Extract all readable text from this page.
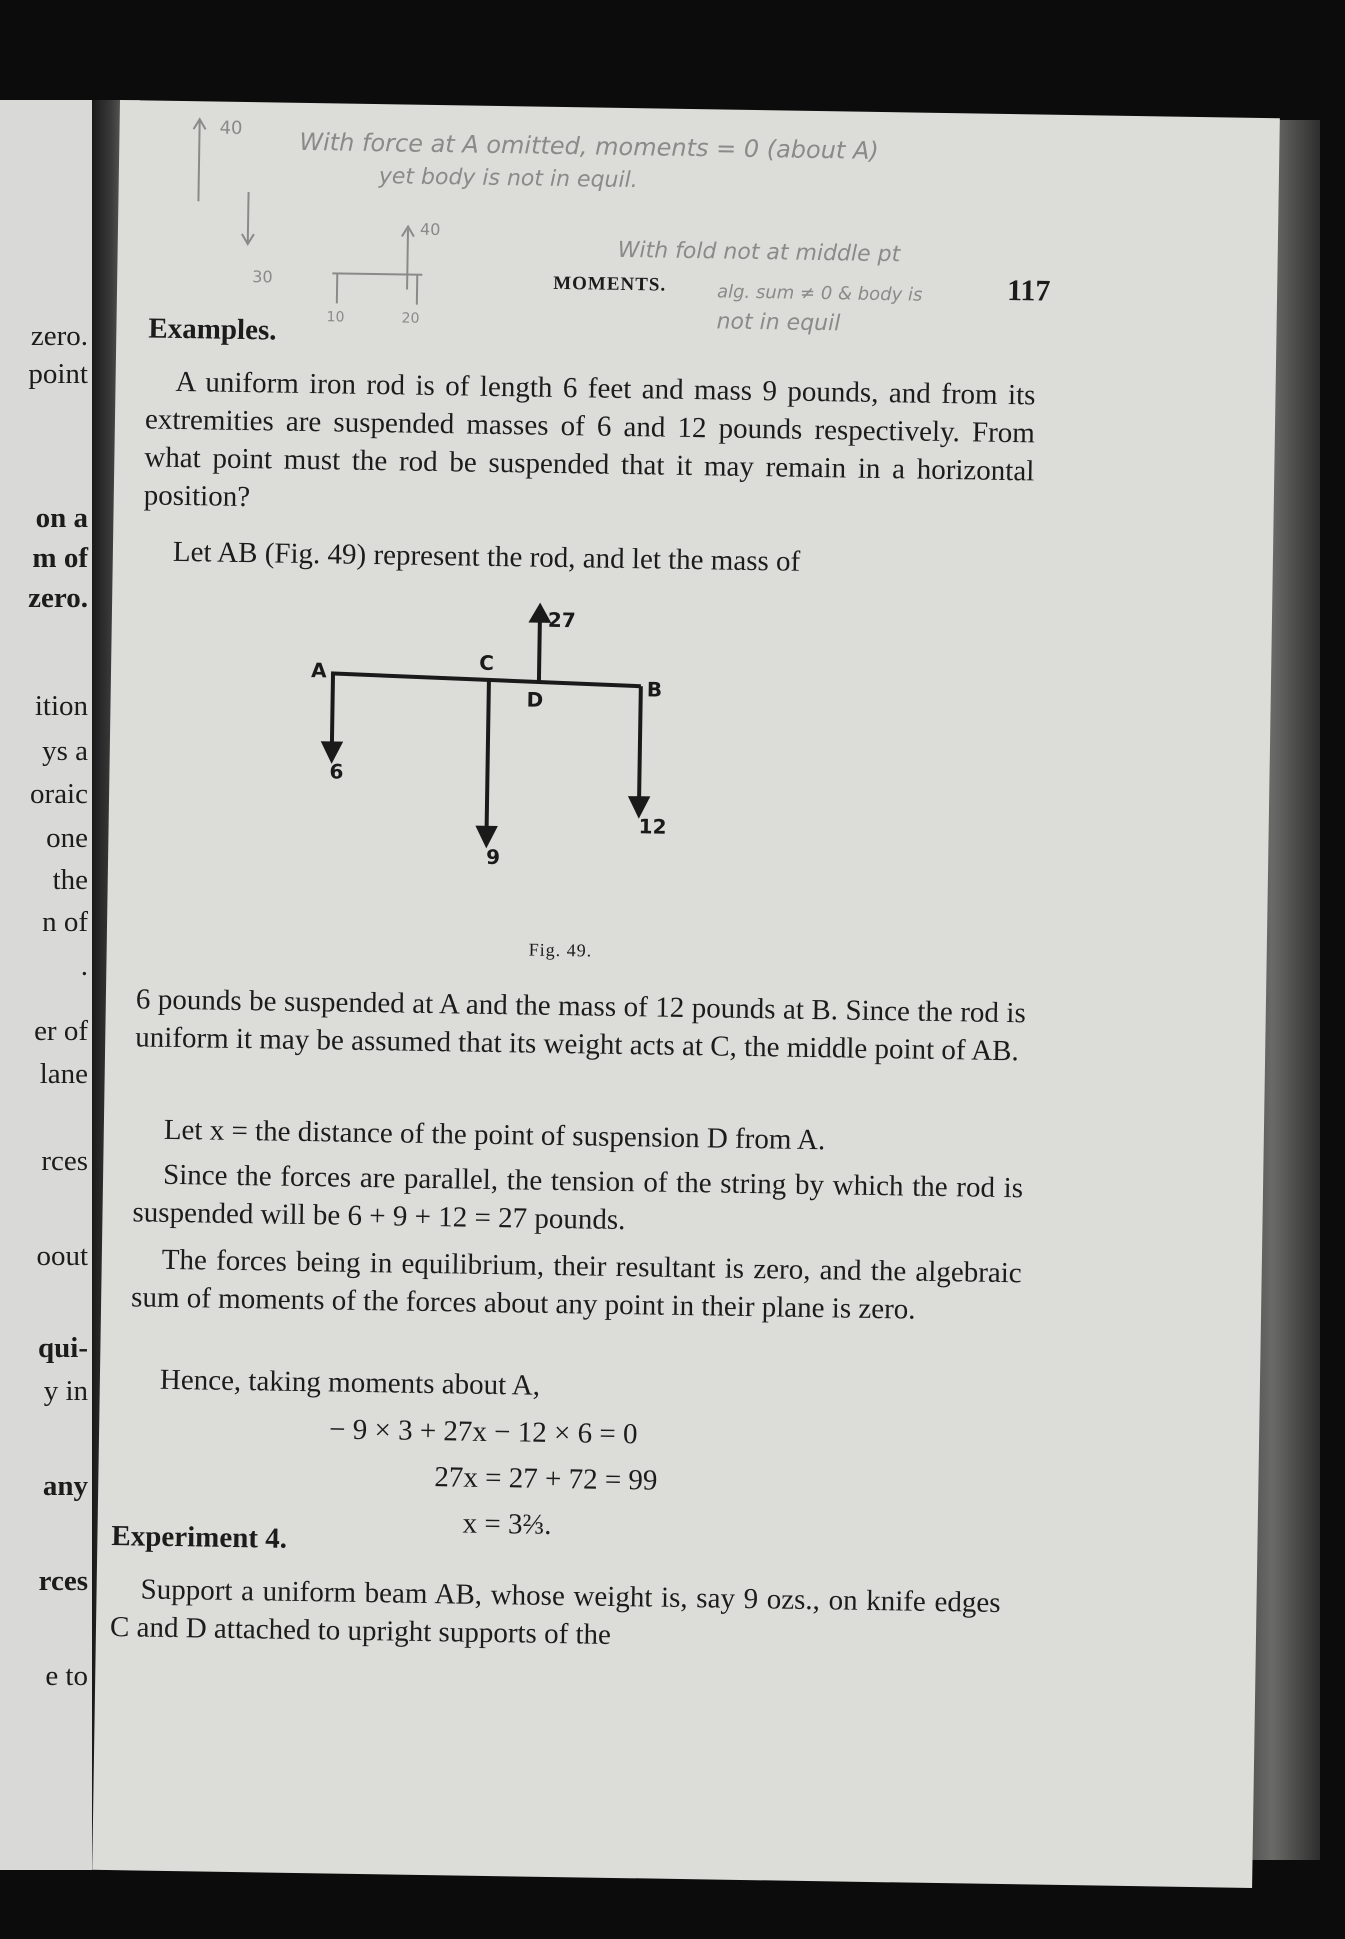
zero.
point
on a
m of
zero.
ition
ys a
oraic
one
the
n of
.
er of
lane
rces
oout
qui-
y in
any
rces
e to
40
40
30
10	20
With force at A omitted, moments = 0 (about A)
yet body is not in equil.
With fold not at middle pt
alg. sum ≠ 0 & body is
not in equil
MOMENTS.	117
Examples.
A uniform iron rod is of length 6 feet and mass 9 pounds, and from its extremities are suspended masses of 6 and 12 pounds respectively. From what point must the rod be suspended that it may remain in a horizontal position?
Let AB (Fig. 49) represent the rod, and let the mass of
A	C
D	B
27
6
9
12
Fig. 49.
6 pounds be suspended at A and the mass of 12 pounds at B. Since the rod is uniform it may be assumed that its weight acts at C, the middle point of AB.
Let x = the distance of the point of suspension D from A.
Since the forces are parallel, the tension of the string by which the rod is suspended will be 6 + 9 + 12 = 27 pounds.
The forces being in equilibrium, their resultant is zero, and the algebraic sum of moments of the forces about any point in their plane is zero.
Hence, taking moments about A,
− 9 × 3 + 27x − 12 × 6 = 0
27x = 27 + 72 = 99
x = 3⅔.
Experiment 4.
Support a uniform beam AB, whose weight is, say 9 ozs., on knife edges C and D attached to upright supports of the
